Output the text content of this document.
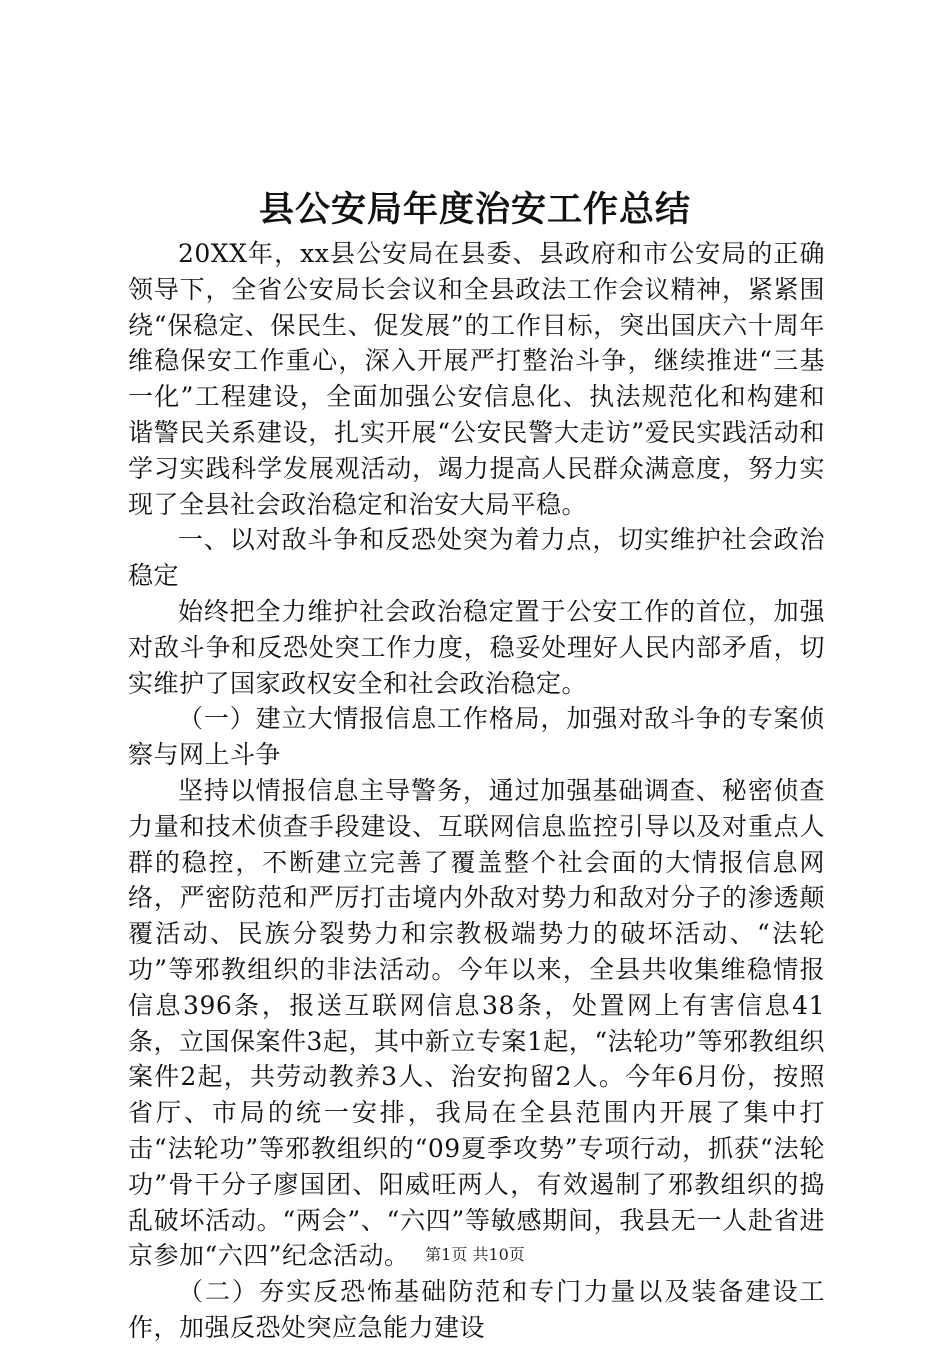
县公安局年度治安工作总结

20XX年，xx县公安局在县委、县政府和市公安局的正确领导下，全省公安局长会议和全县政法工作会议精神，紧紧围绕“保稳定、保民生、促发展”的工作目标，突出国庆六十周年维稳保安工作重心，深入开展严打整治斗争，继续推进“三基一化”工程建设，全面加强公安信息化、执法规范化和构建和谐警民关系建设，扎实开展“公安民警大走访”爱民实践活动和学习实践科学发展观活动，竭力提高人民群众满意度，努力实现了全县社会政治稳定和治安大局平稳。

一、以对敌斗争和反恐处突为着力点，切实维护社会政治稳定

始终把全力维护社会政治稳定置于公安工作的首位，加强对敌斗争和反恐处突工作力度，稳妥处理好人民内部矛盾，切实维护了国家政权安全和社会政治稳定。

（一）建立大情报信息工作格局，加强对敌斗争的专案侦察与网上斗争

坚持以情报信息主导警务，通过加强基础调查、秘密侦查力量和技术侦查手段建设、互联网信息监控引导以及对重点人群的稳控，不断建立完善了覆盖整个社会面的大情报信息网络，严密防范和严厉打击境内外敌对势力和敌对分子的渗透颠覆活动、民族分裂势力和宗教极端势力的破坏活动、“法轮功”等邪教组织的非法活动。今年以来，全县共收集维稳情报信息396条，报送互联网信息38条，处置网上有害信息41条，立国保案件3起，其中新立专案1起，“法轮功”等邪教组织案件2起，共劳动教养3人、治安拘留2人。今年6月份，按照省厅、市局的统一安排，我局在全县范围内开展了集中打击“法轮功”等邪教组织的“09夏季攻势”专项行动，抓获“法轮功”骨干分子廖国团、阳威旺两人，有效遏制了邪教组织的捣乱破坏活动。“两会”、“六四”等敏感期间，我县无一人赴省进京参加“六四”纪念活动。

（二）夯实反恐怖基础防范和专门力量以及装备建设工作，加强反恐处突应急能力建设

第1页 共10页
